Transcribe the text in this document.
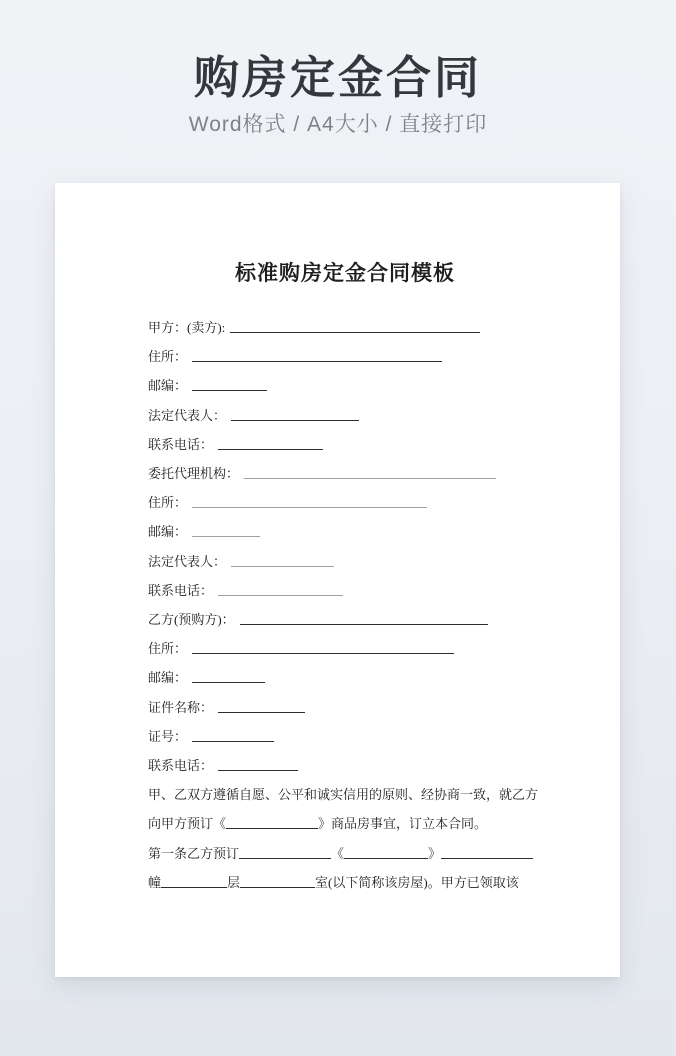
购房定金合同
Word格式 / A4大小 / 直接打印
标准购房定金合同模板
甲方：(卖方):
住所：
邮编：
法定代表人：
联系电话：
委托代理机构：
住所：
邮编：
法定代表人：
联系电话：
乙方(预购方)：
住所：
邮编：
证件名称：
证号：
联系电话：
甲、乙双方遵循自愿、公平和诚实信用的原则、经协商一致，就乙方
向甲方预订《	》商品房事宜，订立本合同。
第一条乙方预订	《	》
幢	层	室(以下简称该房屋)。甲方已领取该
